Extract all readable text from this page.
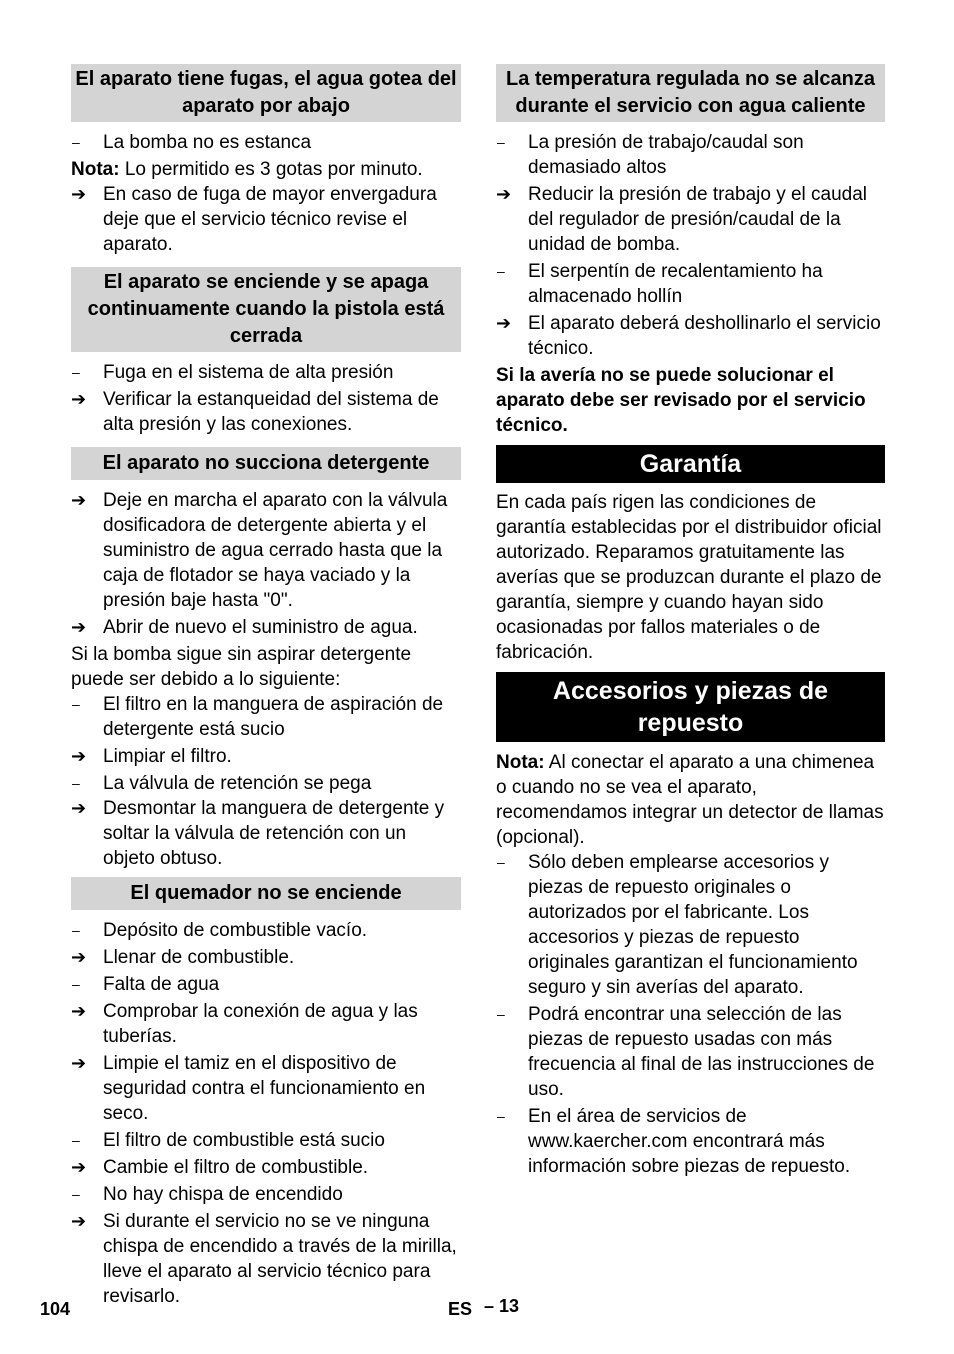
El aparato tiene fugas, el agua gotea del aparato por abajo
–	La bomba no es estanca

Nota: Lo permitido es 3 gotas por minuto.

➔ En caso de fuga de mayor envergadura deje que el servicio técnico revise el aparato.
El aparato se enciende y se apaga continuamente cuando la pistola está cerrada
–	Fuga en el sistema de alta presión
➔ Verificar la estanqueidad del sistema de alta presión y las conexiones.
El aparato no succiona detergente
➔ Deje en marcha el aparato con la válvula dosificadora de detergente abierta y el suministro de agua cerrado hasta que la caja de flotador se haya vaciado y la presión baje hasta "0".
➔ Abrir de nuevo el suministro de agua.

Si la bomba sigue sin aspirar detergente puede ser debido a lo siguiente:

–	El filtro en la manguera de aspiración de detergente está sucio
➔ Limpiar el filtro.
–	La válvula de retención se pega
➔ Desmontar la manguera de detergente y soltar la válvula de retención con un objeto obtuso.
El quemador no se enciende
–	Depósito de combustible vacío.
➔ Llenar de combustible.
–	Falta de agua
➔ Comprobar la conexión de agua y las tuberías.
➔ Limpie el tamiz en el dispositivo de seguridad contra el funcionamiento en seco.
–	El filtro de combustible está sucio
➔ Cambie el filtro de combustible.
–	No hay chispa de encendido
➔ Si durante el servicio no se ve ninguna chispa de encendido a través de la mirilla, lleve el aparato al servicio técnico para revisarlo.
La temperatura regulada no se alcanza durante el servicio con agua caliente
–	La presión de trabajo/caudal son demasiado altos
➔ Reducir la presión de trabajo y el caudal del regulador de presión/caudal de la unidad de bomba.
–	El serpentín de recalentamiento ha almacenado hollín
➔ El aparato deberá deshollinarlo el servicio técnico.

Si la avería no se puede solucionar el aparato debe ser revisado por el servicio técnico.

Garantía

En cada país rigen las condiciones de garantía establecidas por el distribuidor oficial autorizado. Reparamos gratuitamente las averías que se produzcan durante el plazo de garantía, siempre y cuando hayan sido ocasionadas por fallos materiales o de fabricación.

Accesorios y piezas de repuesto

Nota: Al conectar el aparato a una chimenea o cuando no se vea el aparato, recomendamos integrar un detector de llamas (opcional).

–	Sólo deben emplearse accesorios y piezas de repuesto originales o autorizados por el fabricante. Los accesorios y piezas de repuesto originales garantizan el funcionamiento seguro y sin averías del aparato.
–	Podrá encontrar una selección de las piezas de repuesto usadas con más frecuencia al final de las instrucciones de uso.
–	En el área de servicios de www.kaercher.com encontrará más información sobre piezas de repuesto.
104	ES – 13
